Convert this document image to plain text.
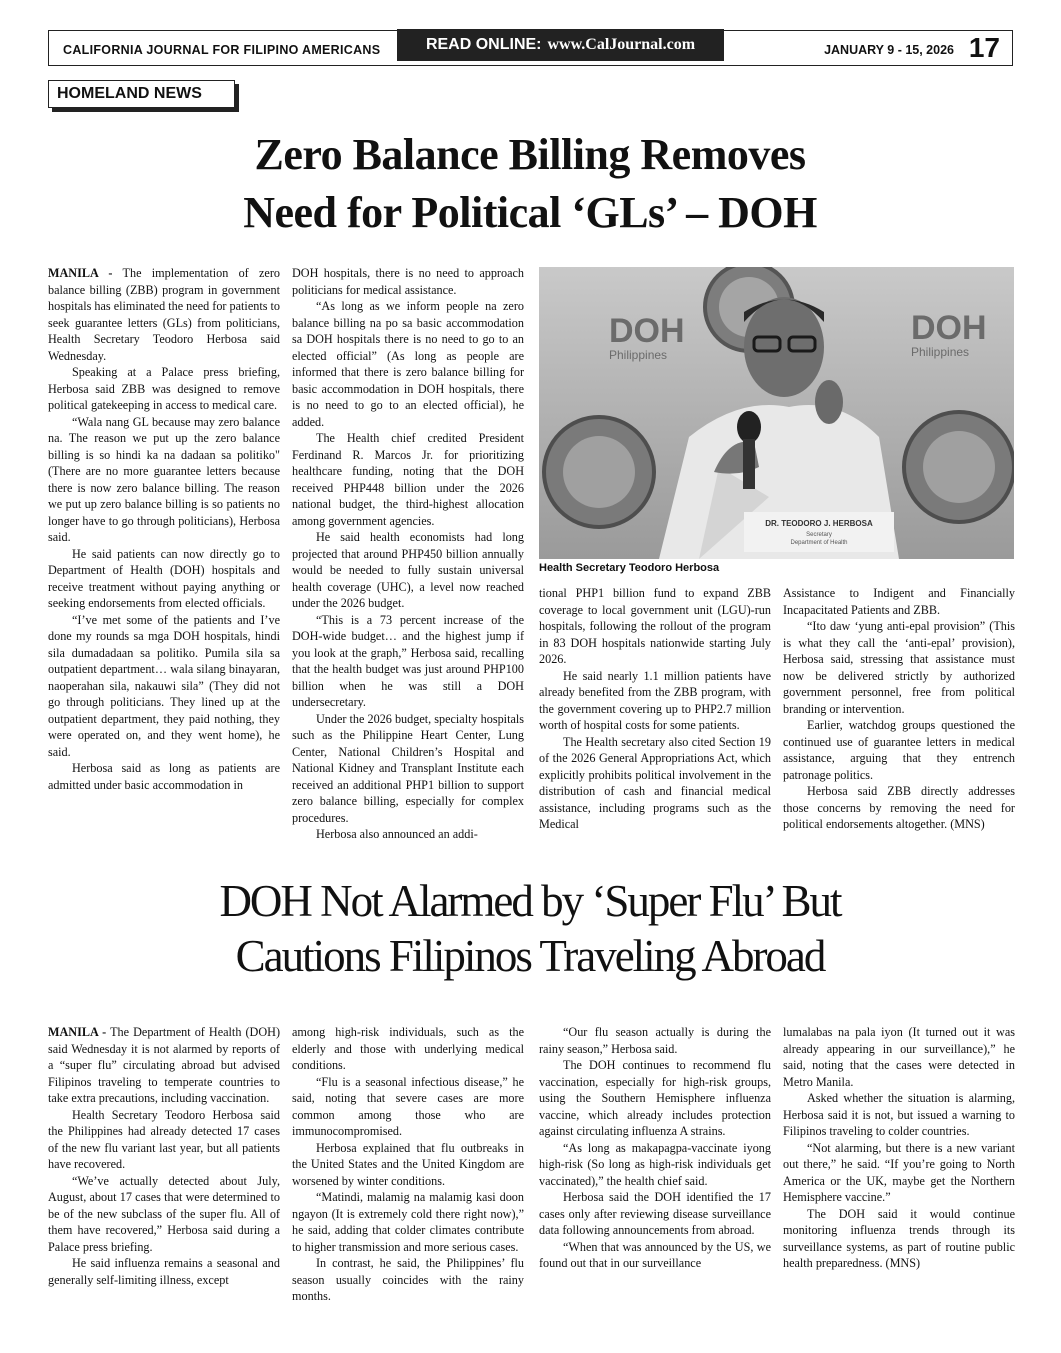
CALIFORNIA JOURNAL FOR FILIPINO AMERICANS	READ ONLINE: www.CalJournal.com	JANUARY 9 - 15, 2026 17
HOMELAND NEWS
Zero Balance Billing Removes
Need for Political ‘GLs’ – DOH

MANILA - The implementation of zero balance billing (ZBB) program in government hospitals has eliminated the need for patients to seek guarantee letters (GLs) from politicians, Health Secretary Teodoro Herbosa said Wednesday.

Speaking at a Palace press briefing, Herbosa said ZBB was designed to remove political gatekeeping in access to medical care.

“Wala nang GL because may zero balance na. The reason we put up the zero balance billing is so hindi ka na dadaan sa politiko" (There are no more guarantee letters because there is now zero balance billing. The reason we put up zero balance billing is so patients no longer have to go through politicians), Herbosa said.

He said patients can now directly go to Department of Health (DOH) hospitals and receive treatment without paying anything or seeking endorsements from elected officials.

“I’ve met some of the patients and I’ve done my rounds sa mga DOH hospitals, hindi sila dumadadaan sa politiko. Pumila sila sa outpatient department… wala silang binayaran, naoperahan sila, nakauwi sila” (They did not go through politicians. They lined up at the outpatient department, they paid nothing, they were operated on, and they went home), he said.

Herbosa said as long as patients are admitted under basic accommodation in

DOH hospitals, there is no need to approach politicians for medical assistance.

“As long as we inform people na zero balance billing na po sa basic accommodation sa DOH hospitals there is no need to go to an elected official” (As long as people are informed that there is zero balance billing for basic accommodation in DOH hospitals, there is no need to go to an elected official), he added.

The Health chief credited President Ferdinand R. Marcos Jr. for prioritizing healthcare funding, noting that the DOH received PHP448 billion under the 2026 national budget, the third-highest allocation among government agencies.

He said health economists had long projected that around PHP450 billion annually would be needed to fully sustain universal health coverage (UHC), a level now reached under the 2026 budget.

“This is a 73 percent increase of the DOH-wide budget… and the highest jump if you look at the graph,” Herbosa said, recalling that the health budget was just around PHP100 billion when he was still a DOH undersecretary.

Under the 2026 budget, specialty hospitals such as the Philippine Heart Center, Lung Center, National Children’s Hospital and National Kidney and Transplant Institute each received an additional PHP1 billion to support zero balance billing, especially for complex procedures.

Herbosa also announced an addi-

DOH
Philippines
DOH
Philippines
DR. TEODORO J. HERBOSA
Secretary
Department of Health
Health Secretary Teodoro Herbosa

tional PHP1 billion fund to expand ZBB coverage to local government unit (LGU)-run hospitals, following the rollout of the program in 83 DOH hospitals nationwide starting July 2026.

He said nearly 1.1 million patients have already benefited from the ZBB program, with the government covering up to PHP2.7 million worth of hospital costs for some patients.

The Health secretary also cited Section 19 of the 2026 General Appropriations Act, which explicitly prohibits political involvement in the distribution of cash and financial medical assistance, including programs such as the Medical

Assistance to Indigent and Financially Incapacitated Patients and ZBB.

“Ito daw ‘yung anti-epal provision” (This is what they call the ‘anti-epal’ provision), Herbosa said, stressing that assistance must now be delivered strictly by authorized government personnel, free from political branding or intervention.

Earlier, watchdog groups questioned the continued use of guarantee letters in medical assistance, arguing that they entrench patronage politics.

Herbosa said ZBB directly addresses those concerns by removing the need for political endorsements altogether. (MNS)

DOH Not Alarmed by ‘Super Flu’ But
Cautions Filipinos Traveling Abroad

MANILA - The Department of Health (DOH) said Wednesday it is not alarmed by reports of a “super flu” circulating abroad but advised Filipinos traveling to temperate countries to take extra precautions, including vaccination.

Health Secretary Teodoro Herbosa said the Philippines had already detected 17 cases of the new flu variant last year, but all patients have recovered.

“We’ve actually detected about July, August, about 17 cases that were determined to be of the new subclass of the super flu. All of them have recovered,” Herbosa said during a Palace press briefing.

He said influenza remains a seasonal and generally self-limiting illness, except

among high-risk individuals, such as the elderly and those with underlying medical conditions.

“Flu is a seasonal infectious disease,” he said, noting that severe cases are more common among those who are immunocompromised.

Herbosa explained that flu outbreaks in the United States and the United Kingdom are worsened by winter conditions.

“Matindi, malamig na malamig kasi doon ngayon (It is extremely cold there right now),” he said, adding that colder climates contribute to higher transmission and more serious cases.

In contrast, he said, the Philippines’ flu season usually coincides with the rainy months.

“Our flu season actually is during the rainy season,” Herbosa said.

The DOH continues to recommend flu vaccination, especially for high-risk groups, using the Southern Hemisphere influenza vaccine, which already includes protection against circulating influenza A strains.

“As long as makapagpa-vaccinate iyong high-risk (So long as high-risk individuals get vaccinated),” the health chief said.

Herbosa said the DOH identified the 17 cases only after reviewing disease surveillance data following announcements from abroad.

“When that was announced by the US, we found out that in our surveillance

lumalabas na pala iyon (It turned out it was already appearing in our surveillance),” he said, noting that the cases were detected in Metro Manila.

Asked whether the situation is alarming, Herbosa said it is not, but issued a warning to Filipinos traveling to colder countries.

“Not alarming, but there is a new variant out there,” he said. “If you’re going to North America or the UK, maybe get the Northern Hemisphere vaccine.”

The DOH said it would continue monitoring influenza trends through its surveillance systems, as part of routine public health preparedness. (MNS)
